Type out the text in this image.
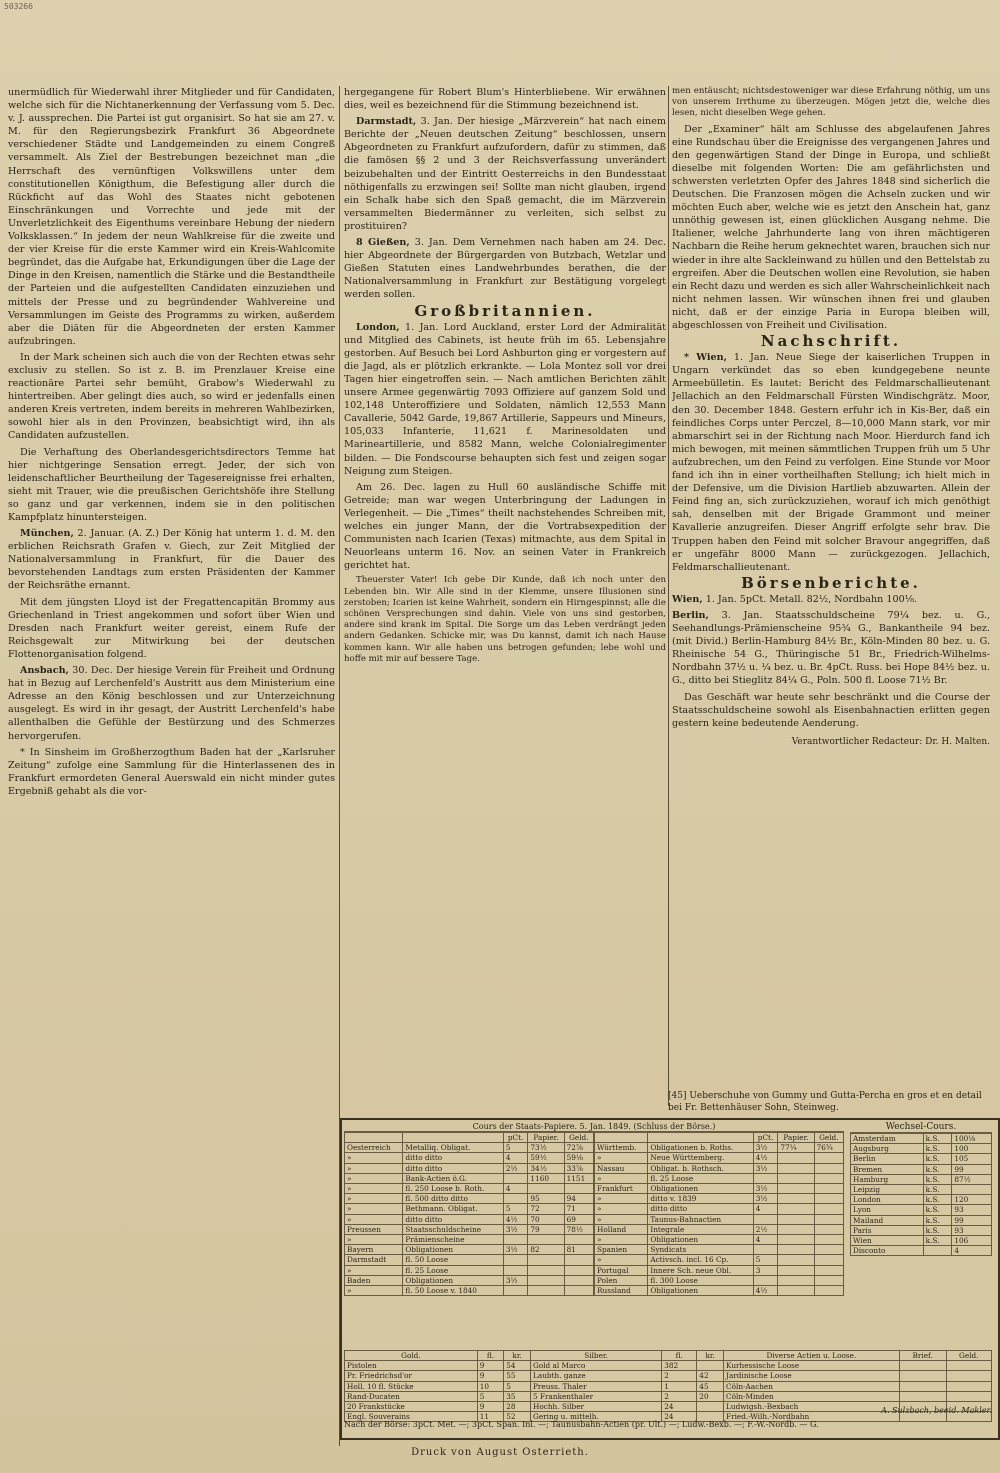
503266

unermüdlich für Wiederwahl ihrer Mitglieder und für Candidaten, welche sich für die Nichtanerkennung der Verfassung vom 5. Dec. v. J. aussprechen. Die Partei ist gut organisirt. So hat sie am 27. v. M. für den Regierungsbezirk Frankfurt 36 Abgeordnete verschiedener Städte und Landgemeinden zu einem Congreß versammelt. Als Ziel der Bestrebungen bezeichnet man „die Herrschaft des vernünftigen Volkswillens unter dem constitutionellen Königthum, die Befestigung aller durch die Rückficht auf das Wohl des Staates nicht gebotenen Einschränkungen und Vorrechte und jede mit der Unverletzlichkeit des Eigenthums vereinbare Hebung der niedern Volksklassen.“ In jedem der neun Wahlkreise für die zweite und der vier Kreise für die erste Kammer wird ein Kreis-Wahlcomite begründet, das die Aufgabe hat, Erkundigungen über die Lage der Dinge in den Kreisen, namentlich die Stärke und die Bestandtheile der Parteien und die aufgestellten Candidaten einzuziehen und mittels der Presse und zu begründender Wahlvereine und Versammlungen im Geiste des Programms zu wirken, außerdem aber die Diäten für die Abgeordneten der ersten Kammer aufzubringen.

In der Mark scheinen sich auch die von der Rechten etwas sehr exclusiv zu stellen. So ist z. B. im Prenzlauer Kreise eine reactionäre Partei sehr bemüht, Grabow's Wiederwahl zu hintertreiben. Aber gelingt dies auch, so wird er jedenfalls einen anderen Kreis vertreten, indem bereits in mehreren Wahlbezirken, sowohl hier als in den Provinzen, beabsichtigt wird, ihn als Candidaten aufzustellen.

Die Verhaftung des Oberlandesgerichtsdirectors Temme hat hier nichtgeringe Sensation erregt. Jeder, der sich von leidenschaftlicher Beurtheilung der Tagesereignisse frei erhalten, sieht mit Trauer, wie die preußischen Gerichtshöfe ihre Stellung so ganz und gar verkennen, indem sie in den politischen Kampfplatz hinuntersteigen.

München, 2. Januar. (A. Z.) Der König hat unterm 1. d. M. den erblichen Reichsrath Grafen v. Giech, zur Zeit Mitglied der Nationalversammlung in Frankfurt, für die Dauer des bevorstehenden Landtags zum ersten Präsidenten der Kammer der Reichsräthe ernannt.

Mit dem jüngsten Lloyd ist der Fregattencapitän Brommy aus Griechenland in Triest angekommen und sofort über Wien und Dresden nach Frankfurt weiter gereist, einem Rufe der Reichsgewalt zur Mitwirkung bei der deutschen Flottenorganisation folgend.

Ansbach, 30. Dec. Der hiesige Verein für Freiheit und Ordnung hat in Bezug auf Lerchenfeld's Austritt aus dem Ministerium eine Adresse an den König beschlossen und zur Unterzeichnung ausgelegt. Es wird in ihr gesagt, der Austritt Lerchenfeld's habe allenthalben die Gefühle der Bestürzung und des Schmerzes hervorgerufen.

* In Sinsheim im Großherzogthum Baden hat der „Karlsruher Zeitung“ zufolge eine Sammlung für die Hinterlassenen des in Frankfurt ermordeten General Auerswald ein nicht minder gutes Ergebniß gehabt als die vor-

hergegangene für Robert Blum's Hinterbliebene. Wir erwähnen dies, weil es bezeichnend für die Stimmung bezeichnend ist.

Darmstadt, 3. Jan. Der hiesige „Märzverein“ hat nach einem Berichte der „Neuen deutschen Zeitung“ beschlossen, unsern Abgeordneten zu Frankfurt aufzufordern, dafür zu stimmen, daß die famösen §§ 2 und 3 der Reichsverfassung unverändert beizubehalten und der Eintritt Oesterreichs in den Bundesstaat nöthigenfalls zu erzwingen sei! Sollte man nicht glauben, irgend ein Schalk habe sich den Spaß gemacht, die im Märzverein versammelten Biedermänner zu verleiten, sich selbst zu prostituiren?

8 Gießen, 3. Jan. Dem Vernehmen nach haben am 24. Dec. hier Abgeordnete der Bürgergarden von Butzbach, Wetzlar und Gießen Statuten eines Landwehrbundes berathen, die der Nationalversammlung in Frankfurt zur Bestätigung vorgelegt werden sollen.

Großbritannien.

London, 1. Jan. Lord Auckland, erster Lord der Admiralität und Mitglied des Cabinets, ist heute früh im 65. Lebensjahre gestorben. Auf Besuch bei Lord Ashburton ging er vorgestern auf die Jagd, als er plötzlich erkrankte. — Lola Montez soll vor drei Tagen hier eingetroffen sein. — Nach amtlichen Berichten zählt unsere Armee gegenwärtig 7093 Offiziere auf ganzem Sold und 102,148 Unteroffiziere und Soldaten, nämlich 12,553 Mann Cavallerie, 5042 Garde, 19,867 Artillerie, Sappeurs und Mineurs, 105,033 Infanterie, 11,621 f. Marinesoldaten und Marineartillerie, und 8582 Mann, welche Colonialregimenter bilden. — Die Fondscourse behaupten sich fest und zeigen sogar Neigung zum Steigen.

Am 26. Dec. lagen zu Hull 60 ausländische Schiffe mit Getreide; man war wegen Unterbringung der Ladungen in Verlegenheit. — Die „Times“ theilt nachstehendes Schreiben mit, welches ein junger Mann, der die Vortrabsexpedition der Communisten nach Icarien (Texas) mitmachte, aus dem Spital in Neuorleans unterm 16. Nov. an seinen Vater in Frankreich gerichtet hat.

Theuerster Vater! Ich gebe Dir Kunde, daß ich noch unter den Lebenden bin. Wir Alle sind in der Klemme, unsere Illusionen sind zerstoben; Icarien ist keine Wahrheit, sondern ein Hirngespinnst; alle die schönen Versprechungen sind dahin. Viele von uns sind gestorben, andere sind krank im Spital. Die Sorge um das Leben verdrängt jeden andern Gedanken. Schicke mir, was Du kannst, damit ich nach Hause kommen kann. Wir alle haben uns betrogen gefunden; lebe wohl und hoffe mit mir auf bessere Tage.

men entäuscht; nichtsdestoweniger war diese Erfahrung nöthig, um uns von unserem Irrthume zu überzeugen. Mögen jetzt die, welche dies lesen, nicht dieselben Wege gehen.

Der „Examiner“ hält am Schlusse des abgelaufenen Jahres eine Rundschau über die Ereignisse des vergangenen Jahres und den gegenwärtigen Stand der Dinge in Europa, und schließt dieselbe mit folgenden Worten: Die am gefährlichsten und schwersten verletzten Opfer des Jahres 1848 sind sicherlich die Deutschen. Die Franzosen mögen die Achseln zucken und wir möchten Euch aber, welche wie es jetzt den Anschein hat, ganz unnöthig gewesen ist, einen glücklichen Ausgang nehme. Die Italiener, welche Jahrhunderte lang von ihren mächtigeren Nachbarn die Reihe herum geknechtet waren, brauchen sich nur wieder in ihre alte Sackleinwand zu hüllen und den Bettelstab zu ergreifen. Aber die Deutschen wollen eine Revolution, sie haben ein Recht dazu und werden es sich aller Wahrscheinlichkeit nach nicht nehmen lassen. Wir wünschen ihnen frei und glauben nicht, daß er der einzige Paria in Europa bleiben will, abgeschlossen von Freiheit und Civilisation.

Nachschrift.

* Wien, 1. Jan. Neue Siege der kaiserlichen Truppen in Ungarn verkündet das so eben kundgegebene neunte Armeebülletin. Es lautet: Bericht des Feldmarschallieutenant Jellachich an den Feldmarschall Fürsten Windischgrätz. Moor, den 30. December 1848. Gestern erfuhr ich in Kis-Ber, daß ein feindliches Corps unter Perczel, 8—10,000 Mann stark, vor mir abmarschirt sei in der Richtung nach Moor. Hierdurch fand ich mich bewogen, mit meinen sämmtlichen Truppen früh um 5 Uhr aufzubrechen, um den Feind zu verfolgen. Eine Stunde vor Moor fand ich ihn in einer vortheilhaften Stellung; ich hielt mich in der Defensive, um die Division Hartlieb abzuwarten. Allein der Feind fing an, sich zurückzuziehen, worauf ich mich genöthigt sah, denselben mit der Brigade Grammont und meiner Kavallerie anzugreifen. Dieser Angriff erfolgte sehr brav. Die Truppen haben den Feind mit solcher Bravour angegriffen, daß er ungefähr 8000 Mann — zurückgezogen. Jellachich, Feldmarschallieutenant.

Börsenberichte.

Wien, 1. Jan. 5pCt. Metall. 82½, Nordbahn 100⅛.

Berlin, 3. Jan. Staatsschuldscheine 79¼ bez. u. G., Seehandlungs-Prämienscheine 95¾ G., Bankantheile 94 bez. (mit Divid.) Berlin-Hamburg 84½ Br., Köln-Minden 80 bez. u. G. Rheinische 54 G., Thüringische 51 Br., Friedrich-Wilhelms-Nordbahn 37½ u. ¼ bez. u. Br. 4pCt. Russ. bei Hope 84½ bez. u. G., ditto bei Stieglitz 84¼ G., Poln. 500 fl. Loose 71½ Br.

Das Geschäft war heute sehr beschränkt und die Course der Staatsschuldscheine sowohl als Eisenbahnactien erlitten gegen gestern keine bedeutende Aenderung.

Verantwortlicher Redacteur: Dr. H. Malten.
[45] Ueberschuhe von Gummy und Gutta-Percha en gros et en detail bei Fr. Bettenhäuser Sohn, Steinweg.
Cours der Staats-Papiere. 5. Jan. 1849. (Schluss der Börse.)
		pCt.	Papier.	Geld.
Oesterreich	Metalliq. Obligat.	5	73½	72⅞
»	ditto ditto	4	59½	59⅛
»	ditto ditto	2½	34½	33⅞
»	Bank-Actien ö.G.		1160	1151
»	fl. 250 Loose b. Roth.	4		
»	fl. 500 ditto ditto		95	94
»	Bethmann. Obligat.	5	72	71
»	ditto ditto	4½	70	69
Preussen	Staatsschuldscheine	3½	79	78½
»	Prämienscheine			
Bayern	Obligationen	3½	82	81
Darmstadt	fl. 50 Loose			
»	fl. 25 Loose			
Baden	Obligationen	3½		
»	fl. 50 Loose v. 1840			
		pCt.	Papier.	Geld.
Württemb.	Obligationen b. Roths.	3½	77¼	76¾
»	Neue Württemberg.	4½		
Nassau	Obligat. b. Rothsch.	3½		
»	fl. 25 Loose			
Frankfurt	Obligationen	3½		
»	ditto v. 1839	3½		
»	ditto ditto	4		
»	Taunus-Bahnactien			
Holland	Integrale	2½		
»	Obligationen	4		
Spanien	Syndicats			
»	Activsch. incl. 16 Cp.	5		
Portugal	Innere Sch. neue Obl.	3		
Polen	fl. 300 Loose			
Russland	Obligationen	4½		
Wechsel-Cours.
Amsterdam	k.S.	100⅛
Augsburg	k.S.	100
Berlin	k.S.	105
Bremen	k.S.	99
Hamburg	k.S.	87½
Leipzig	k.S.	
London	k.S.	120
Lyon	k.S.	93
Mailand	k.S.	99
Paris	k.S.	93
Wien	k.S.	106
Disconto		4
Gold.	fl.	kr.	Silber.	fl.	kr.	Diverse Actien u. Loose.	Brief.	Geld.
Pistolen	9	54	Gold al Marco	382		Kurhessische Loose		
Pr. Friedrichsd'or	9	55	Laubth. ganze	2	42	Jardinische Loose		
Holl. 10 fl. Stücke	10	5	Preuss. Thaler	1	45	Cöln-Aachen		
Rand-Ducaten	5	35	5 Frankenthaler	2	20	Cöln-Minden		
20 Frankstücke	9	28	Hochh. Silber	24		Ludwigsh.-Bexbach		
Engl. Souverains	11	52	Gering u. mittelh.	24		Fried.-Wilh.-Nordbahn		
Nach der Börse: 3pCt. Met. —; 3pCt. Span. Inl. —; Taunusbahn-Actien (pr. Ult.) —; Ludw.-Bexb. —; F.-W.-Nordb. — G.
A. Sulzbach, beeid. Makler.
Druck von August Osterrieth.
